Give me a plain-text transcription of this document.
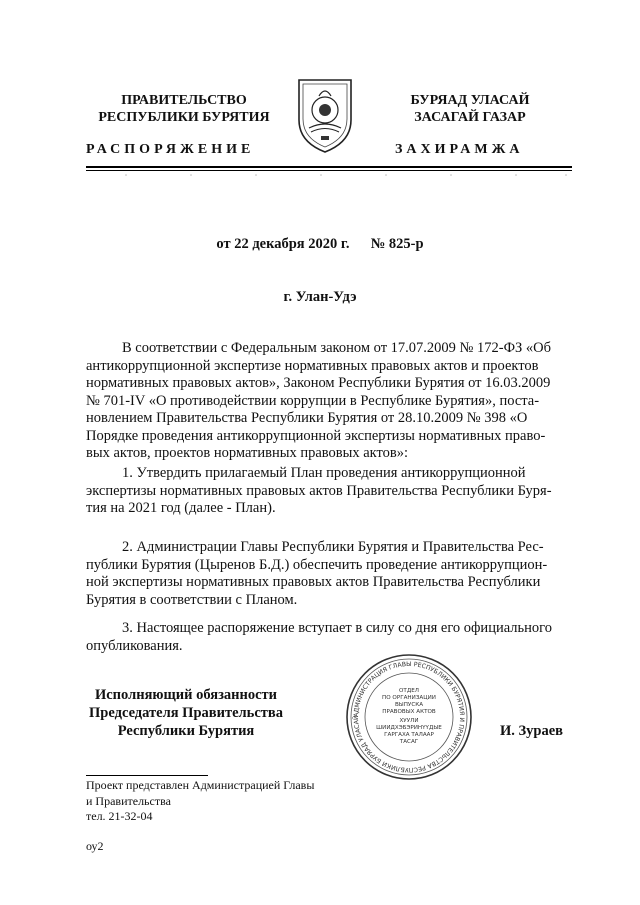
ПРАВИТЕЛЬСТВО
РЕСПУБЛИКИ БУРЯТИЯ
БУРЯАД УЛАСАЙ
ЗАСАГАЙ ГАЗАР
РАСПОРЯЖЕНИЕ	ЗАХИРАМЖА
от 22 декабря 2020 г. № 825-р
г. Улан-Удэ
В соответствии с Федеральным законом от 17.07.2009 № 172-ФЗ «Об
антикоррупционной экспертизе нормативных правовых актов и проектов
нормативных правовых актов», Законом Республики Бурятия от 16.03.2009
№ 701-IV «О противодействии коррупции в Республике Бурятия», поста-
новлением Правительства Республики Бурятия от 28.10.2009 № 398 «О
Порядке проведения антикоррупционной экспертизы нормативных право-
вых актов, проектов нормативных правовых актов»:
1. Утвердить прилагаемый План проведения антикоррупционной
экспертизы нормативных правовых актов Правительства Республики Буря-
тия на 2021 год (далее - План).
2. Администрации Главы Республики Бурятия и Правительства Рес-
публики Бурятия (Цыренов Б.Д.) обеспечить проведение антикоррупцион-
ной экспертизы нормативных правовых актов Правительства Республики
Бурятия в соответствии с Планом.
3. Настоящее распоряжение вступает в силу со дня его официального
опубликования.
Исполняющий обязанности
Председателя Правительства
Республики Бурятия	И. Зураев
АДМИНИСТРАЦИЯ ГЛАВЫ РЕСПУБЛИКИ БУРЯТИЯ И ПРАВИТЕЛЬСТВА РЕСПУБЛИКИ БУРЯАД УЛАСАЙ
ОТДЕЛ
ПО ОРГАНИЗАЦИИ
ВЫПУСКА
ПРАВОВЫХ АКТОВ
ХУУЛИ
ШИИДХЭБЭРИНҮҮДЫЕ
ГАРГАХА ТАЛААР
ТАСАГ
Проект представлен Администрацией Главы
и Правительства
тел. 21-32-04
оу2
